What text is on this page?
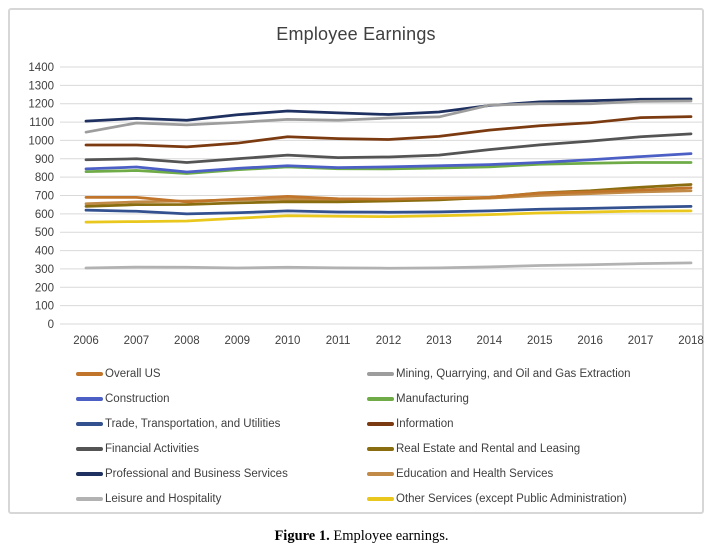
Employee Earnings
0
100
200
300
400
500
600
700
800
900
1000
1100
1200
1300
1400
2006 2007 2008 2009 2010 2011 2012 2013 2014 2015 2016 2017 2018
Overall US	Mining, Quarrying, and Oil and Gas Extraction
Construction	Manufacturing
Trade, Transportation, and Utilities	Information
Financial Activities	Real Estate and Rental and Leasing
Professional and Business Services	Education and Health Services
Leisure and Hospitality	Other Services (except Public Administration)
Figure 1. Employee earnings.
